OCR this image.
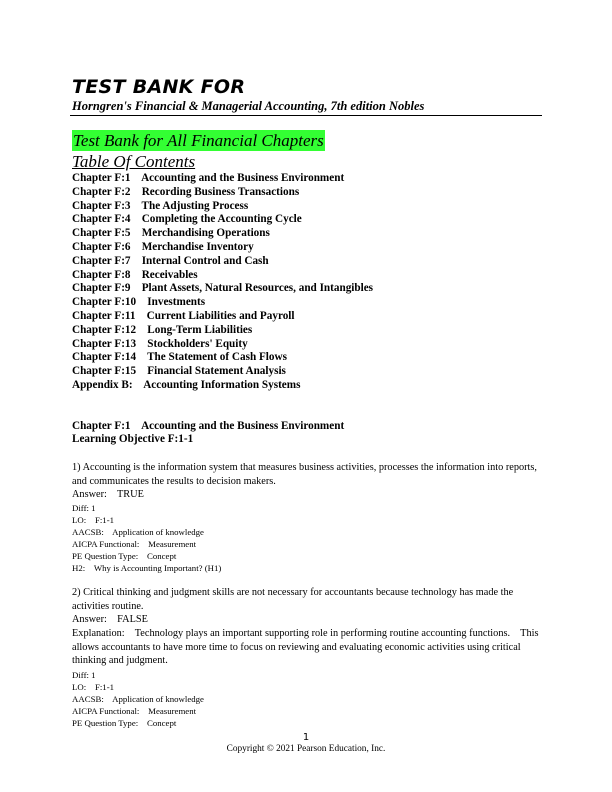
TEST BANK FOR
Horngren's Financial & Managerial Accounting, 7th edition Nobles
Test Bank for All Financial Chapters
Table Of Contents
Chapter F:1    Accounting and the Business Environment
Chapter F:2    Recording Business Transactions
Chapter F:3    The Adjusting Process
Chapter F:4    Completing the Accounting Cycle
Chapter F:5    Merchandising Operations
Chapter F:6    Merchandise Inventory
Chapter F:7    Internal Control and Cash
Chapter F:8    Receivables
Chapter F:9    Plant Assets, Natural Resources, and Intangibles
Chapter F:10    Investments
Chapter F:11    Current Liabilities and Payroll
Chapter F:12    Long-Term Liabilities
Chapter F:13    Stockholders' Equity
Chapter F:14    The Statement of Cash Flows
Chapter F:15    Financial Statement Analysis
Appendix B:    Accounting Information Systems
Chapter F:1    Accounting and the Business Environment
Learning Objective F:1-1
1) Accounting is the information system that measures business activities, processes the information into reports, and communicates the results to decision makers.
Answer:    TRUE
Diff: 1
LO:    F:1-1
AACSB:    Application of knowledge
AICPA Functional:    Measurement
PE Question Type:    Concept
H2:    Why is Accounting Important? (H1)
2) Critical thinking and judgment skills are not necessary for accountants because technology has made the activities routine.
Answer:    FALSE
Explanation:    Technology plays an important supporting role in performing routine accounting functions.    This allows accountants to have more time to focus on reviewing and evaluating economic activities using critical thinking and judgment.
Diff: 1
LO:    F:1-1
AACSB:    Application of knowledge
AICPA Functional:    Measurement
PE Question Type:    Concept
1
Copyright © 2021 Pearson Education, Inc.
